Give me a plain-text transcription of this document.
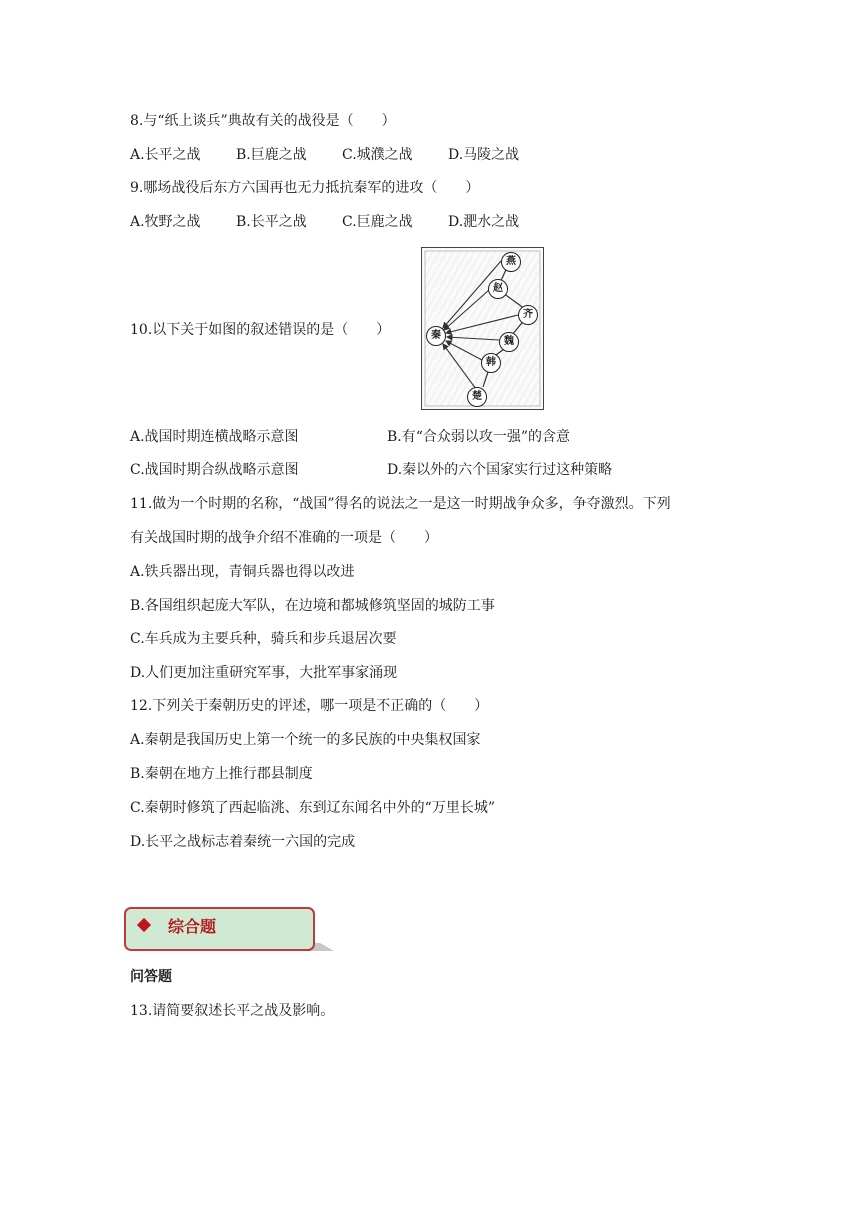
8.与“纸上谈兵”典故有关的战役是（　　）
A.长平之战	B.巨鹿之战	C.城濮之战	D.马陵之战
9.哪场战役后东方六国再也无力抵抗秦军的进攻（　　）
A.牧野之战	B.长平之战	C.巨鹿之战	D.淝水之战
10.以下关于如图的叙述错误的是（　　）
燕
赵
齐
秦
魏
韩
楚
A.战国时期连横战略示意图	B.有“合众弱以攻一强”的含意
C.战国时期合纵战略示意图	D.秦以外的六个国家实行过这种策略
11.做为一个时期的名称，“战国”得名的说法之一是这一时期战争众多，争夺激烈。下列
有关战国时期的战争介绍不准确的一项是（　　）
A.铁兵器出现，青铜兵器也得以改进
B.各国组织起庞大军队，在边境和都城修筑坚固的城防工事
C.车兵成为主要兵种，骑兵和步兵退居次要
D.人们更加注重研究军事，大批军事家涌现
12.下列关于秦朝历史的评述，哪一项是不正确的（　　）
A.秦朝是我国历史上第一个统一的多民族的中央集权国家
B.秦朝在地方上推行郡县制度
C.秦朝时修筑了西起临洮、东到辽东闻名中外的“万里长城”
D.长平之战标志着秦统一六国的完成
综合题
问答题
13.请简要叙述长平之战及影响。
